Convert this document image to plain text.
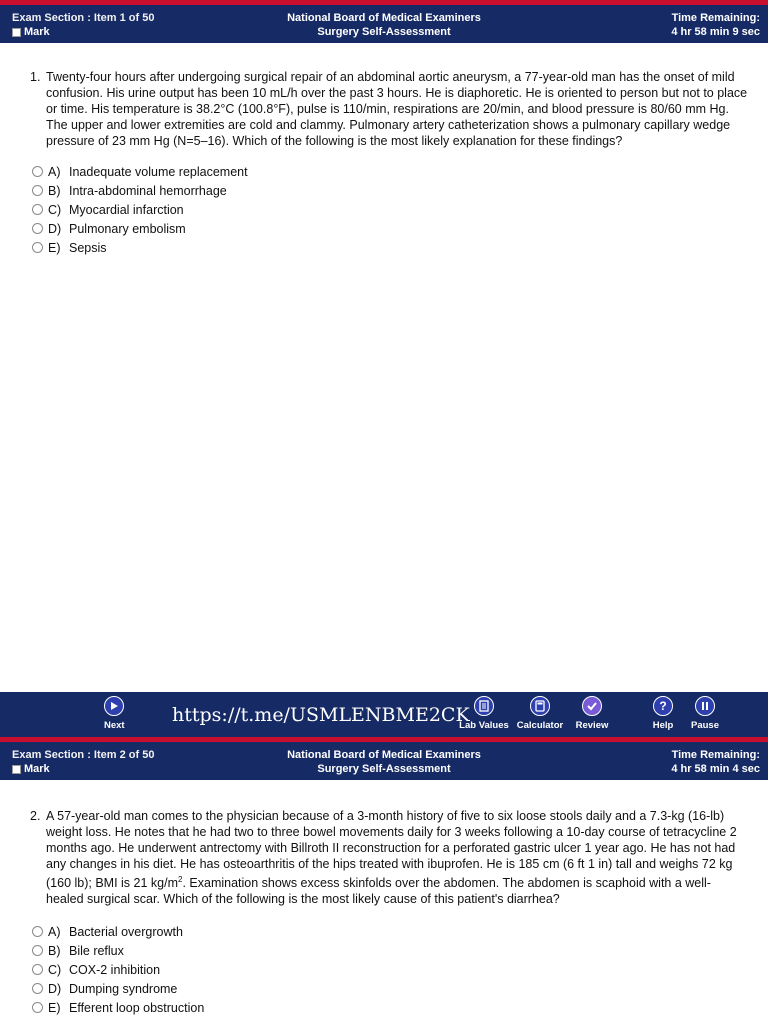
Exam Section : Item 1 of 50
Mark
National Board of Medical Examiners
Surgery Self-Assessment
Time Remaining:
4 hr 58 min 9 sec

1. Twenty-four hours after undergoing surgical repair of an abdominal aortic aneurysm, a 77-year-old man has the onset of mild confusion. His urine output has been 10 mL/h over the past 3 hours. He is diaphoretic. He is oriented to person but not to place or time. His temperature is 38.2°C (100.8°F), pulse is 110/min, respirations are 20/min, and blood pressure is 80/60 mm Hg. The upper and lower extremities are cold and clammy. Pulmonary artery catheterization shows a pulmonary capillary wedge pressure of 23 mm Hg (N=5–16). Which of the following is the most likely explanation for these findings?

A) Inadequate volume replacement
B) Intra-abdominal hemorrhage
C) Myocardial infarction
D) Pulmonary embolism
E) Sepsis
Next https://t.me/USMLENBME2CK
Lab Values Calculator	Review
?
Help	Pause
Exam Section : Item 2 of 50
Mark
National Board of Medical Examiners
Surgery Self-Assessment
Time Remaining:
4 hr 58 min 4 sec

2. A 57-year-old man comes to the physician because of a 3-month history of five to six loose stools daily and a 7.3-kg (16-lb) weight loss. He notes that he had two to three bowel movements daily for 3 weeks following a 10-day course of tetracycline 2 months ago. He underwent antrectomy with Billroth II reconstruction for a perforated gastric ulcer 1 year ago. He has not had any changes in his diet. He has osteoarthritis of the hips treated with ibuprofen. He is 185 cm (6 ft 1 in) tall and weighs 72 kg (160 lb); BMI is 21 $kg/m^2$. Examination shows excess skinfolds over the abdomen. The abdomen is scaphoid with a well-healed surgical scar. Which of the following is the most likely cause of this patient's diarrhea?

A) Bacterial overgrowth
B) Bile reflux
C) COX-2 inhibition
D) Dumping syndrome
E) Efferent loop obstruction
